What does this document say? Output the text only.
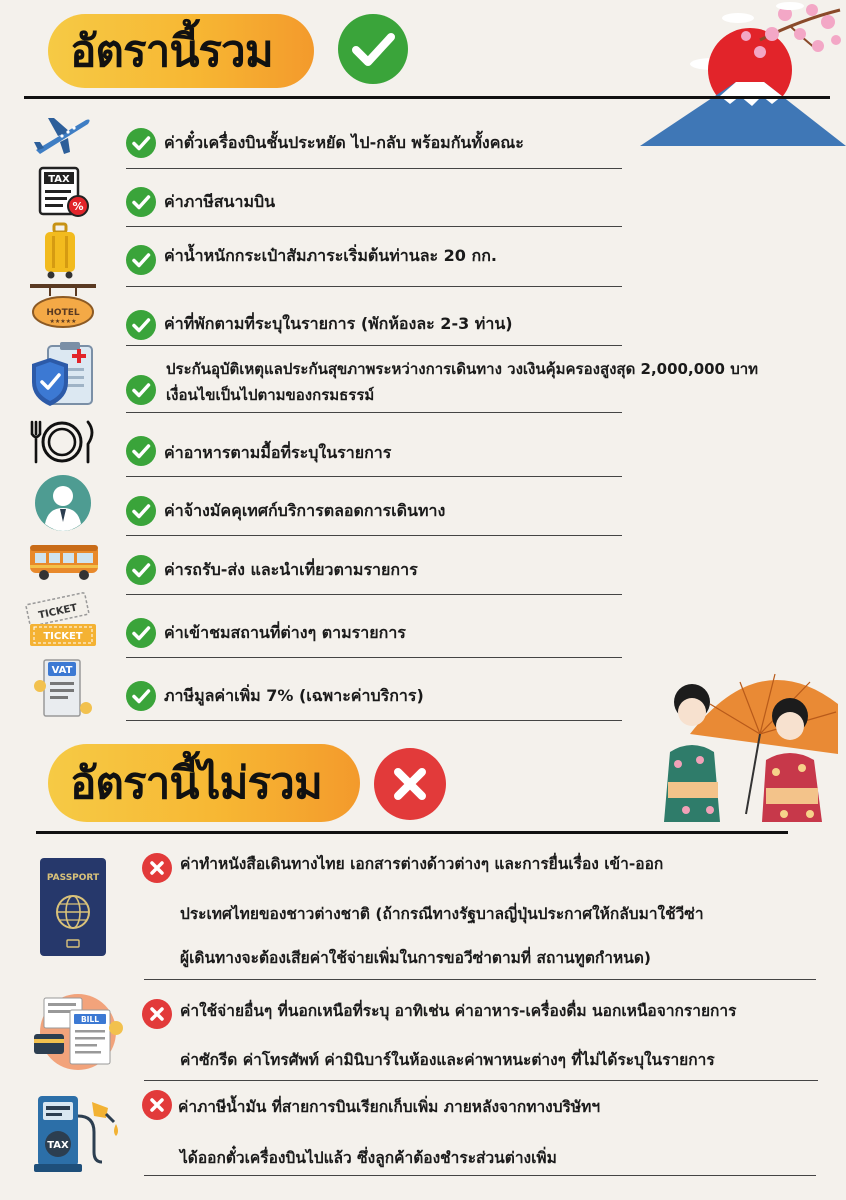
อัตรานี้รวม
ค่าตั๋วเครื่องบินชั้นประหยัด ไป-กลับ พร้อมกันทั้งคณะ
TAX
%	ค่าภาษีสนามบิน
ค่าน้ำหนักกระเป๋าสัมภาระเริ่มต้นท่านละ 20 กก.
HOTEL
★★★★★	ค่าที่พักตามที่ระบุในรายการ (พักห้องละ 2-3 ท่าน)
ประกันอุบัติเหตุแลประกันสุขภาพระหว่างการเดินทาง วงเงินคุ้มครองสูงสุด 2,000,000 บาท
เงื่อนไขเป็นไปตามของกรมธรรม์
ค่าอาหารตามมื้อที่ระบุในรายการ
ค่าจ้างมัคคุเทศก์บริการตลอดการเดินทาง
ค่ารถรับ-ส่ง และนำเที่ยวตามรายการ
TICKET
TICKET	ค่าเข้าชมสถานที่ต่างๆ ตามรายการ
VAT
ภาษีมูลค่าเพิ่ม 7% (เฉพาะค่าบริการ)
อัตรานี้ไม่รวม
PASSPORT
ค่าทำหนังสือเดินทางไทย เอกสารต่างด้าวต่างๆ และการยื่นเรื่อง เข้า-ออก
ประเทศไทยของชาวต่างชาติ (ถ้ากรณีทางรัฐบาลญี่ปุ่นประกาศให้กลับมาใช้วีซ่า
ผู้เดินทางจะต้องเสียค่าใช้จ่ายเพิ่มในการขอวีซ่าตามที่ สถานทูตกำหนด)
BILL	ค่าใช้จ่ายอื่นๆ ที่นอกเหนือที่ระบุ อาทิเช่น ค่าอาหาร-เครื่องดื่ม นอกเหนือจากรายการ
ค่าซักรีด ค่าโทรศัพท์ ค่ามินิบาร์ในห้องและค่าพาหนะต่างๆ ที่ไม่ได้ระบุในรายการ
TAX
ค่าภาษีน้ำมัน ที่สายการบินเรียกเก็บเพิ่ม ภายหลังจากทางบริษัทฯ
ได้ออกตั๋วเครื่องบินไปแล้ว ซึ่งลูกค้าต้องชำระส่วนต่างเพิ่ม
